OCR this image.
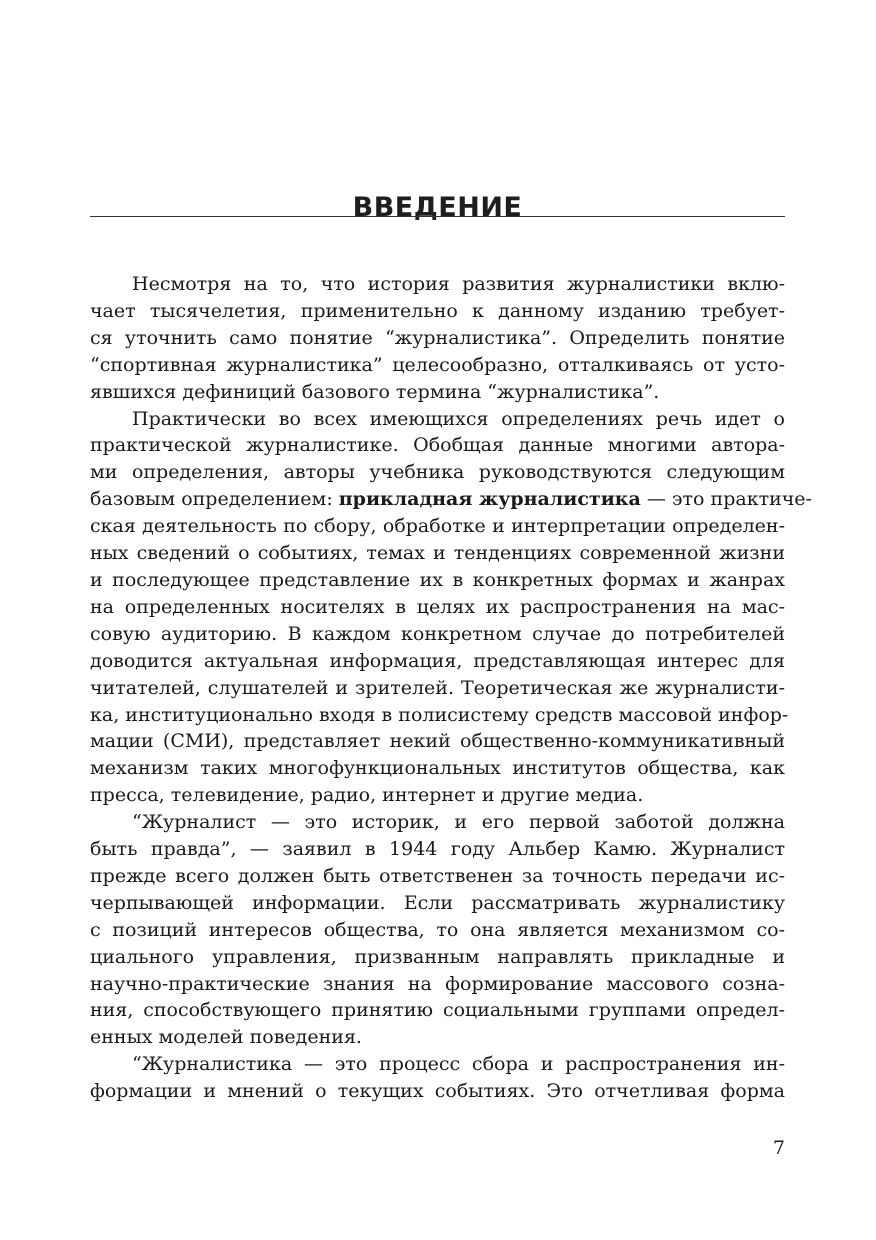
ВВЕДЕНИЕ
Несмотря на то, что история развития журналистики вклю-
чает тысячелетия, применительно к данному изданию требует-
ся уточнить само понятие “журналистика”. Определить понятие
“спортивная журналистика” целесообразно, отталкиваясь от усто-
явшихся дефиниций базового термина “журналистика”.
Практически во всех имеющихся определениях речь идет о
практической журналистике. Обобщая данные многими автора-
ми определения, авторы учебника руководствуются следующим
базовым определением: прикладная журналистика — это практиче-
ская деятельность по сбору, обработке и интерпретации определен-
ных сведений о событиях, темах и тенденциях современной жизни
и последующее представление их в конкретных формах и жанрах
на определенных носителях в целях их распространения на мас-
совую аудиторию. В каждом конкретном случае до потребителей
доводится актуальная информация, представляющая интерес для
читателей, слушателей и зрителей. Теоретическая же журналисти-
ка, институционально входя в полисистему средств массовой инфор-
мации (СМИ), представляет некий общественно-коммуникативный
механизм таких многофункциональных институтов общества, как
пресса, телевидение, радио, интернет и другие медиа.
“Журналист — это историк, и его первой заботой должна
быть правда”, — заявил в 1944 году Альбер Камю. Журналист
прежде всего должен быть ответственен за точность передачи ис-
черпывающей информации. Если рассматривать журналистику
с позиций интересов общества, то она является механизмом со-
циального управления, призванным направлять прикладные и
научно-практические знания на формирование массового созна-
ния, способствующего принятию социальными группами определ-
енных моделей поведения.
“Журналистика — это процесс сбора и распространения ин-
формации и мнений о текущих событиях. Это отчетливая форма
7
